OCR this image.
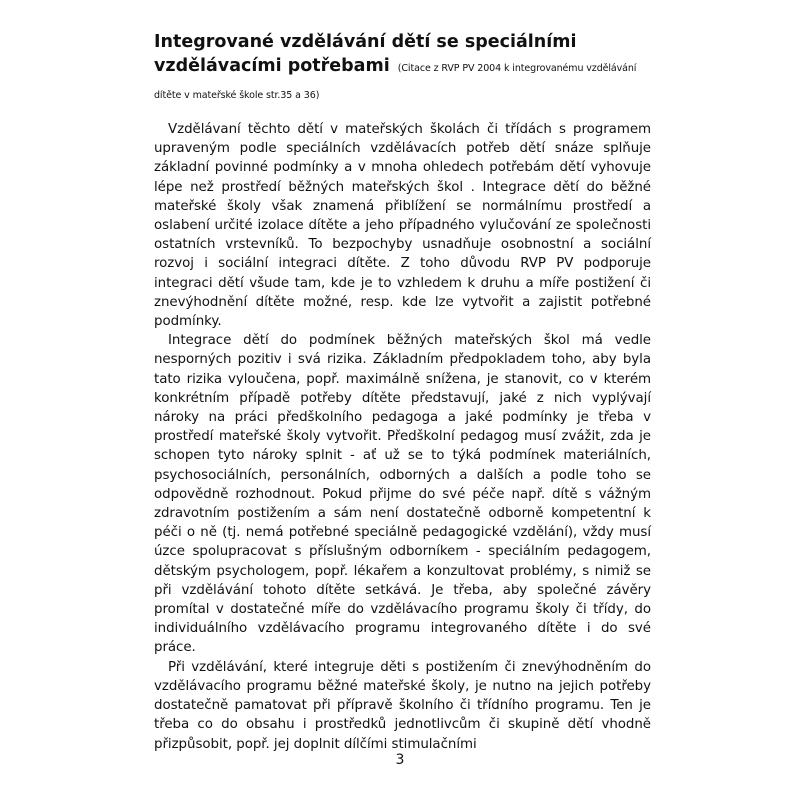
Integrované vzdělávání dětí se speciálními vzdělávacími potřebami (Citace z RVP PV 2004 k integrovanému vzdělávání dítěte v mateřské škole str.35 a 36)

Vzdělávaní těchto dětí v mateřských školách či třídách s programem upraveným podle speciálních vzdělávacích potřeb dětí snáze splňuje základní povinné podmínky a v mnoha ohledech potřebám dětí vyhovuje lépe než prostředí běžných mateřských škol . Integrace dětí do běžné mateřské školy však znamená přiblížení se normálnímu prostředí a oslabení určité izolace dítěte a jeho případného vylučování ze společnosti ostatních vrstevníků. To bezpochyby usnadňuje osobnostní a sociální rozvoj i sociální integraci dítěte. Z toho důvodu RVP PV podporuje integraci dětí všude tam, kde je to vzhledem k druhu a míře postižení či znevýhodnění dítěte možné, resp. kde lze vytvořit a zajistit potřebné podmínky.

Integrace dětí do podmínek běžných mateřských škol má vedle nesporných pozitiv i svá rizika. Základním předpokladem toho, aby byla tato rizika vyloučena, popř. maximálně snížena, je stanovit, co v kterém konkrétním případě potřeby dítěte představují, jaké z nich vyplývají nároky na práci předškolního pedagoga a jaké podmínky je třeba v prostředí mateřské školy vytvořit. Předškolní pedagog musí zvážit, zda je schopen tyto nároky splnit - ať už se to týká podmínek materiálních, psychosociálních, personálních, odborných a dalších a podle toho se odpovědně rozhodnout. Pokud přijme do své péče např. dítě s vážným zdravotním postižením a sám není dostatečně odborně kompetentní k péči o ně (tj. nemá potřebné speciálně pedagogické vzdělání), vždy musí úzce spolupracovat s příslušným odborníkem - speciálním pedagogem, dětským psychologem, popř. lékařem a konzultovat problémy, s nimiž se při vzdělávání tohoto dítěte setkává. Je třeba, aby společné závěry promítal v dostatečné míře do vzdělávacího programu školy či třídy, do individuálního vzdělávacího programu integrovaného dítěte i do své práce.

Při vzdělávání, které integruje děti s postižením či znevýhodněním do vzdělávacího programu běžné mateřské školy, je nutno na jejich potřeby dostatečně pamatovat při přípravě školního či třídního programu. Ten je třeba co do obsahu i prostředků jednotlivcům či skupině dětí vhodně přizpůsobit, popř. jej doplnit dílčími stimulačními

3
